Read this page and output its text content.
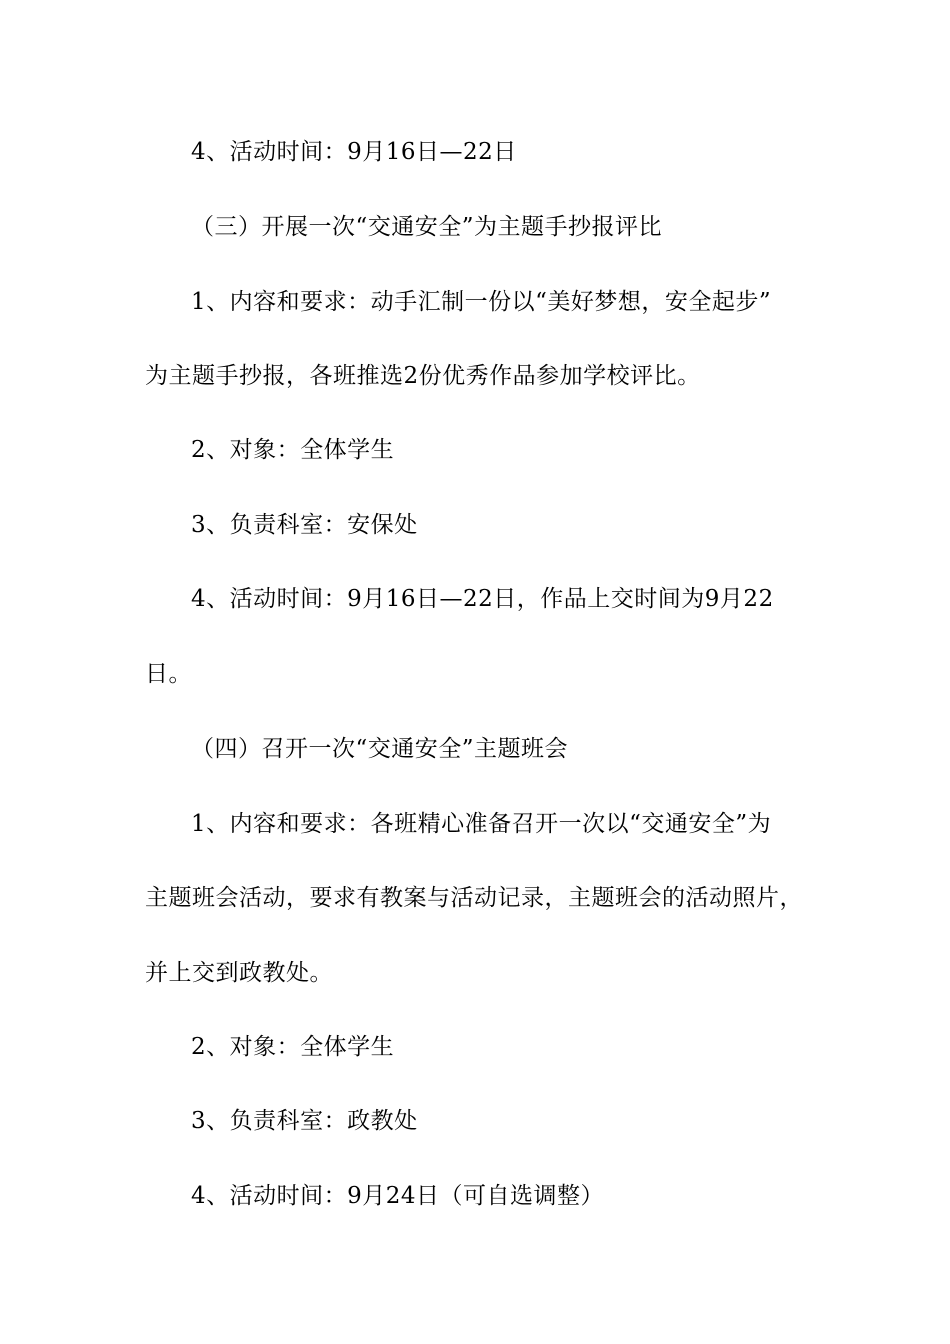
4、活动时间：9月16日—22日
（三）开展一次“交通安全”为主题手抄报评比
1、内容和要求：动手汇制一份以“美好梦想，安全起步”
为主题手抄报，各班推选2份优秀作品参加学校评比。
2、对象：全体学生
3、负责科室：安保处
4、活动时间：9月16日—22日，作品上交时间为9月22
日。
（四）召开一次“交通安全”主题班会
1、内容和要求：各班精心准备召开一次以“交通安全”为
主题班会活动，要求有教案与活动记录，主题班会的活动照片，
并上交到政教处。
2、对象：全体学生
3、负责科室：政教处
4、活动时间：9月24日（可自选调整）
